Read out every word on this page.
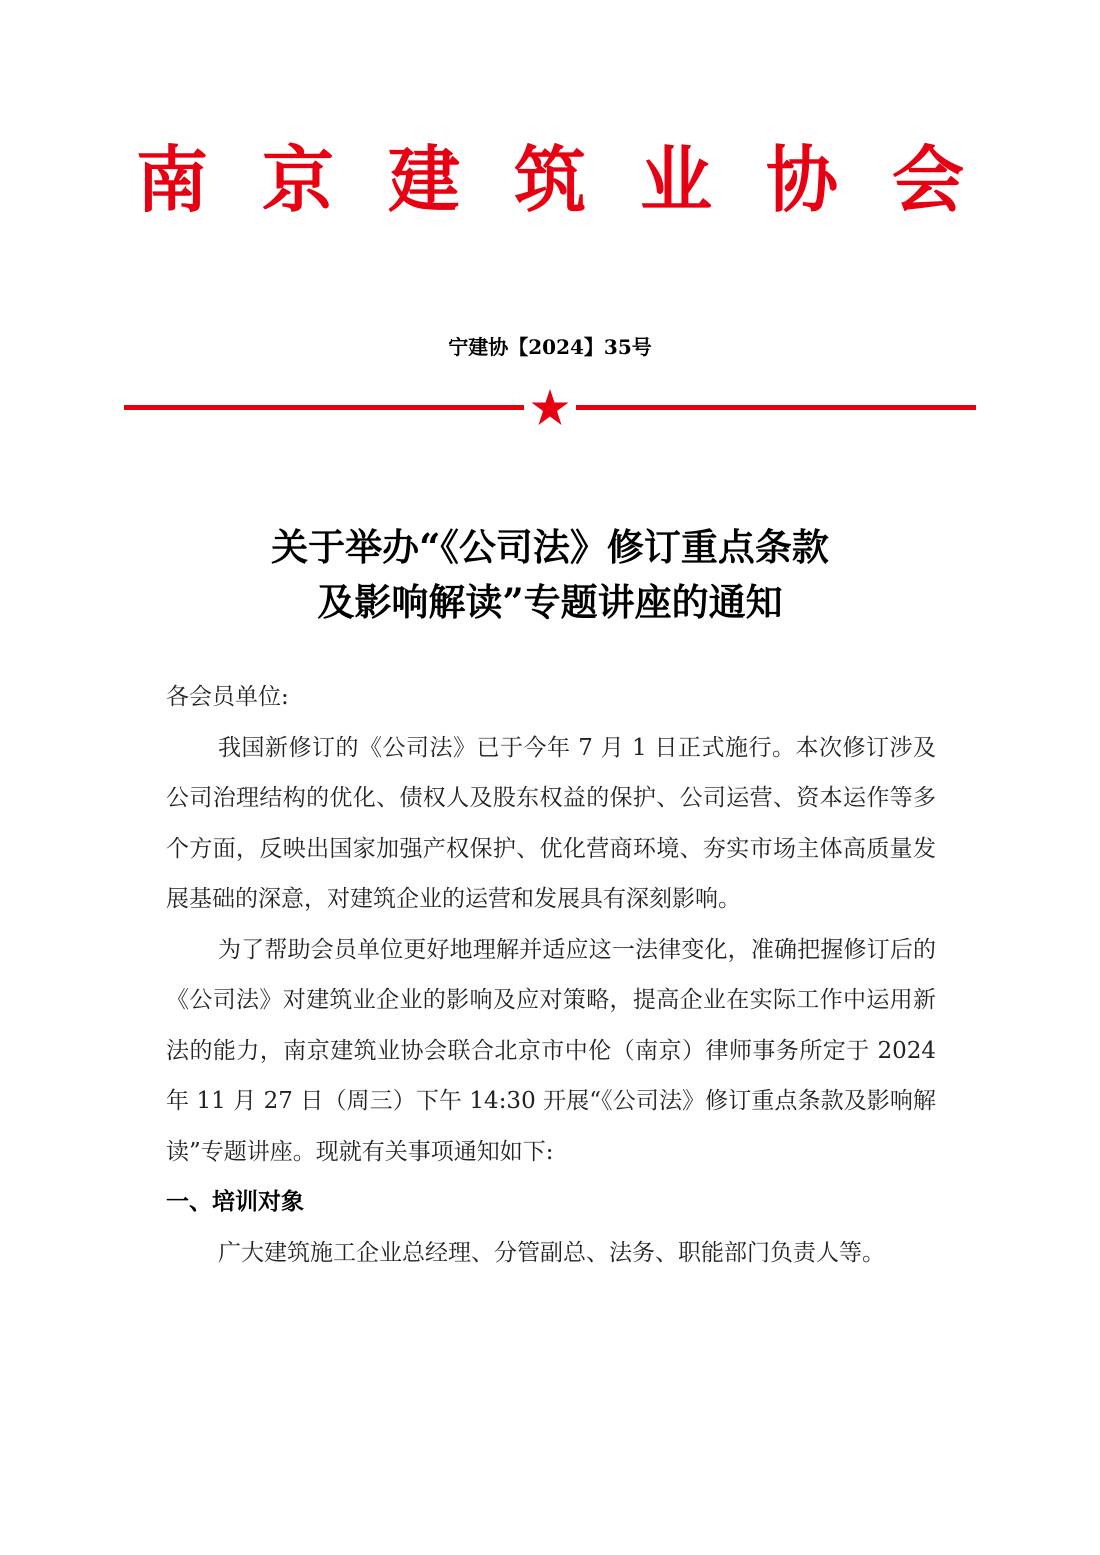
南京建筑业协会
宁建协【2024】35号
关于举办“《公司法》修订重点条款
及影响解读”专题讲座的通知

各会员单位:

我国新修订的《公司法》已于今年 7 月 1 日正式施行。本次修订涉及公司治理结构的优化、债权人及股东权益的保护、公司运营、资本运作等多个方面，反映出国家加强产权保护、优化营商环境、夯实市场主体高质量发展基础的深意，对建筑企业的运营和发展具有深刻影响。

为了帮助会员单位更好地理解并适应这一法律变化，准确把握修订后的《公司法》对建筑业企业的影响及应对策略，提高企业在实际工作中运用新法的能力，南京建筑业协会联合北京市中伦（南京）律师事务所定于 2024 年 11 月 27 日（周三）下午 14:30 开展“《公司法》修订重点条款及影响解读”专题讲座。现就有关事项通知如下:

一、培训对象

广大建筑施工企业总经理、分管副总、法务、职能部门负责人等。
